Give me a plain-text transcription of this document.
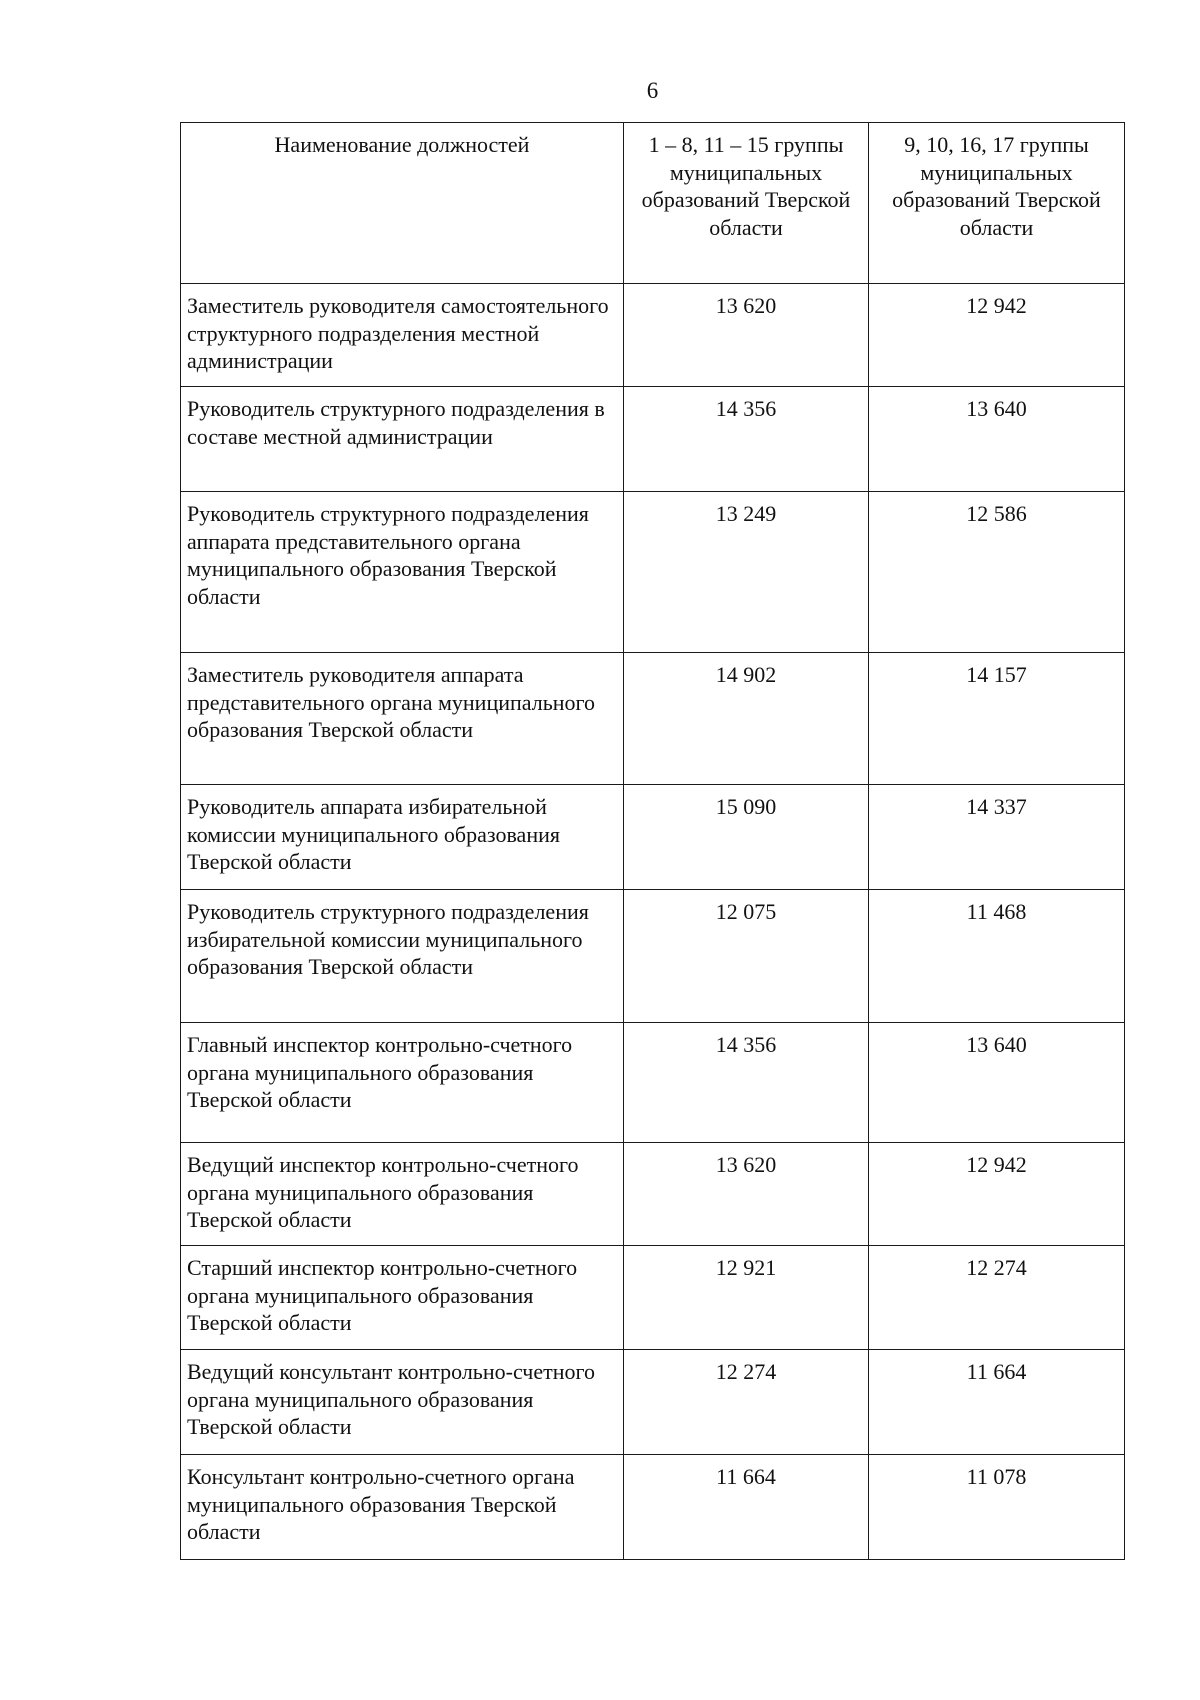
6
Наименование должностей	1 – 8, 11 – 15 группы муниципальных образований Тверской области	9, 10, 16, 17 группы муниципальных образований Тверской области
Заместитель руководителя самостоятельного структурного подразделения местной администрации	13 620	12 942
Руководитель структурного подразделения в составе местной администрации	14 356	13 640
Руководитель структурного подразделения аппарата представительного органа муниципального образования Тверской области	13 249	12 586
Заместитель руководителя аппарата представительного органа муниципального образования Тверской области	14 902	14 157
Руководитель аппарата избирательной комиссии муниципального образования Тверской области	15 090	14 337
Руководитель структурного подразделения избирательной комиссии муниципального образования Тверской области	12 075	11 468
Главный инспектор контрольно-счетного органа муниципального образования Тверской области	14 356	13 640
Ведущий инспектор контрольно-счетного органа муниципального образования Тверской области	13 620	12 942
Старший инспектор контрольно-счетного органа муниципального образования Тверской области	12 921	12 274
Ведущий консультант контрольно-счетного органа муниципального образования Тверской области	12 274	11 664
Консультант контрольно-счетного органа муниципального образования Тверской области	11 664	11 078
